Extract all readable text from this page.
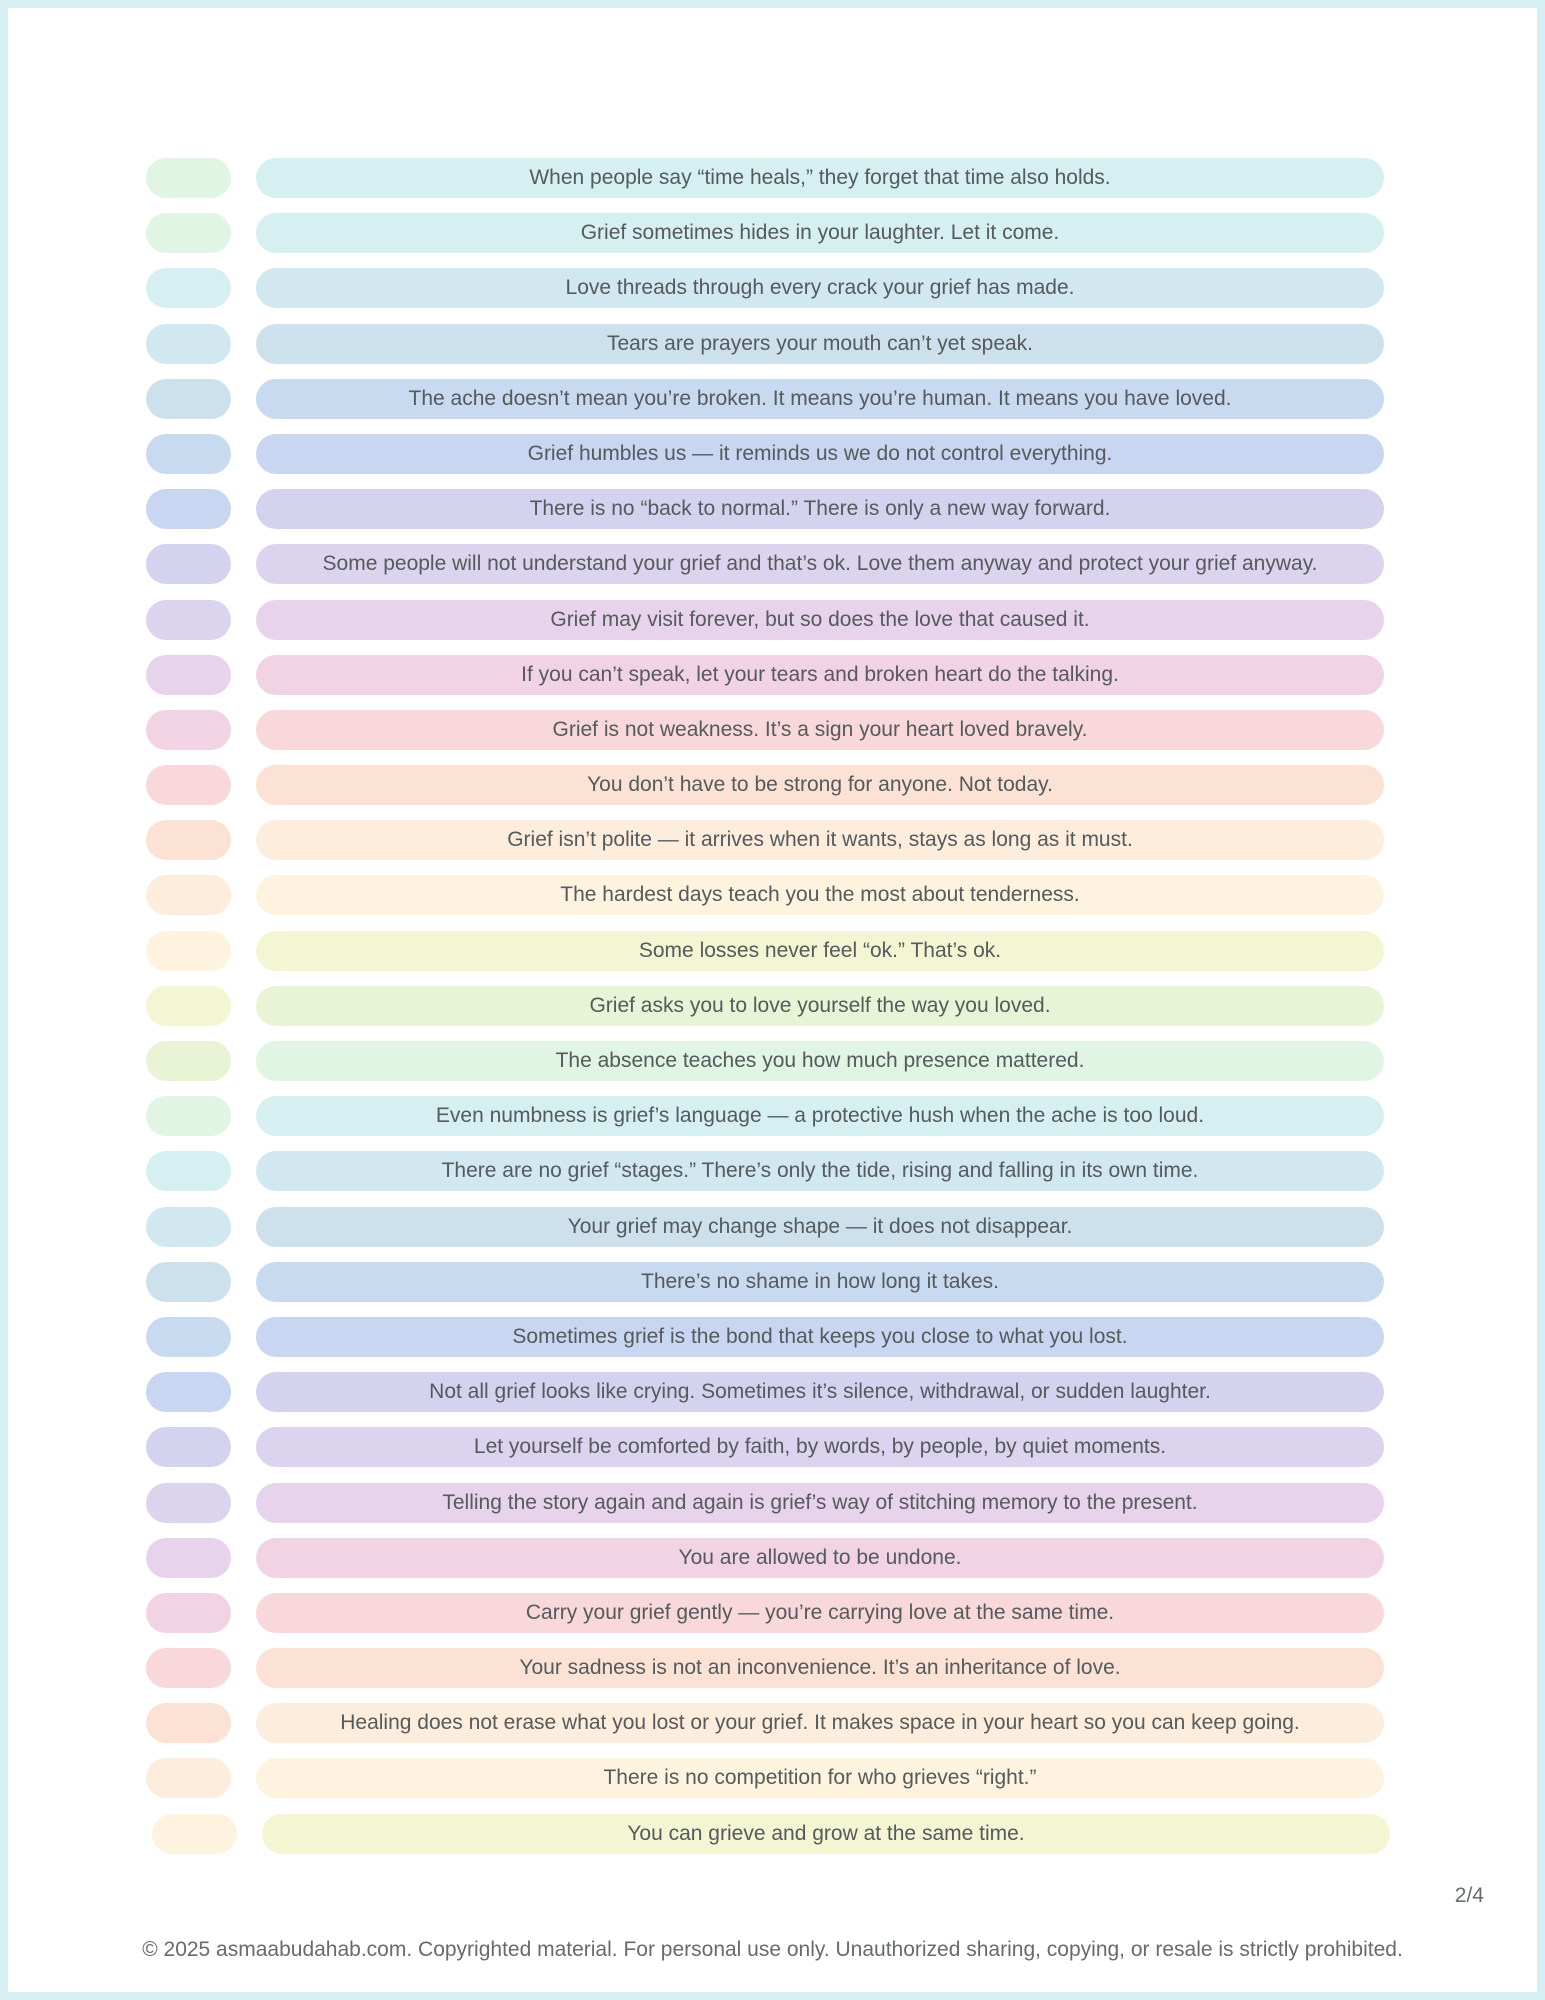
When people say “time heals,” they forget that time also holds.
Grief sometimes hides in your laughter. Let it come.
Love threads through every crack your grief has made.
Tears are prayers your mouth can’t yet speak.
The ache doesn’t mean you’re broken. It means you’re human. It means you have loved.
Grief humbles us — it reminds us we do not control everything.
There is no “back to normal.” There is only a new way forward.
Some people will not understand your grief and that’s ok. Love them anyway and protect your grief anyway.
Grief may visit forever, but so does the love that caused it.
If you can’t speak, let your tears and broken heart do the talking.
Grief is not weakness. It’s a sign your heart loved bravely.
You don’t have to be strong for anyone. Not today.
Grief isn’t polite — it arrives when it wants, stays as long as it must.
The hardest days teach you the most about tenderness.
Some losses never feel “ok.” That’s ok.
Grief asks you to love yourself the way you loved.
The absence teaches you how much presence mattered.
Even numbness is grief’s language — a protective hush when the ache is too loud.
There are no grief “stages.” There’s only the tide, rising and falling in its own time.
Your grief may change shape — it does not disappear.
There’s no shame in how long it takes.
Sometimes grief is the bond that keeps you close to what you lost.
Not all grief looks like crying. Sometimes it’s silence, withdrawal, or sudden laughter.
Let yourself be comforted by faith, by words, by people, by quiet moments.
Telling the story again and again is grief’s way of stitching memory to the present.
You are allowed to be undone.
Carry your grief gently — you’re carrying love at the same time.
Your sadness is not an inconvenience. It’s an inheritance of love.
Healing does not erase what you lost or your grief. It makes space in your heart so you can keep going.
There is no competition for who grieves “right.”
You can grieve and grow at the same time.
2/4
© 2025 asmaabudahab.com. Copyrighted material. For personal use only. Unauthorized sharing, copying, or resale is strictly prohibited.
